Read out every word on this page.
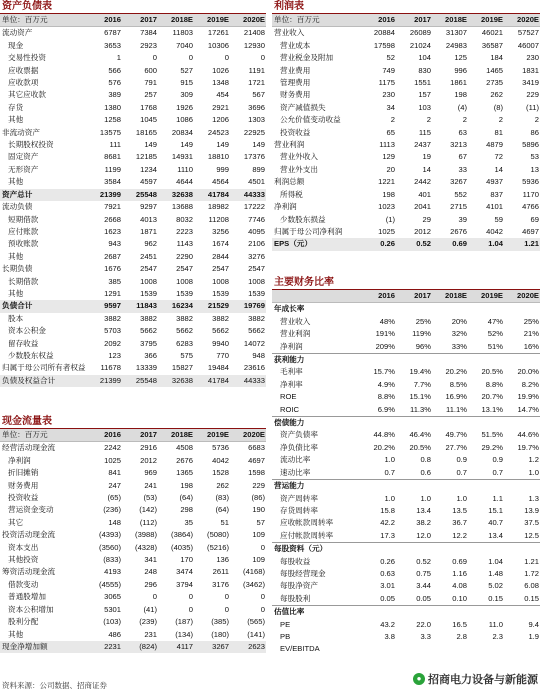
资产负债表
单位：百万元	2016	2017	2018E	2019E	2020E
流动资产	6787	7384	11803	17261	21408
现金	3653	2923	7040	10306	12930
交易性投资	1	0	0	0	0
应收票据	566	600	527	1026	1191
应收款项	576	791	915	1348	1721
其它应收款	389	257	309	454	567
存货	1380	1768	1926	2921	3696
其他	1258	1045	1086	1206	1303
非流动资产	13575	18165	20834	24523	22925
长期股权投资	111	149	149	149	149
固定资产	8681	12185	14931	18810	17376
无形资产	1199	1234	1110	999	899
其他	3584	4597	4644	4564	4501
资产总计	21399	25548	32638	41784	44333
流动负债	7921	9297	13688	18982	17222
短期借款	2668	4013	8032	11208	7746
应付账款	1623	1871	2223	3256	4095
预收账款	943	962	1143	1674	2106
其他	2687	2451	2290	2844	3276
长期负债	1676	2547	2547	2547	2547
长期借款	385	1008	1008	1008	1008
其他	1291	1539	1539	1539	1539
负债合计	9597	11843	16234	21529	19769
股本	3882	3882	3882	3882	3882
资本公积金	5703	5662	5662	5662	5662
留存收益	2092	3795	6283	9940	14072
少数股东权益	123	366	575	770	948
归属于母公司所有者权益	11678	13339	15827	19484	23616
负债及权益合计	21399	25548	32638	41784	44333
现金流量表
单位：百万元	2016	2017	2018E	2019E	2020E
经营活动现金流	2242	2916	4508	5736	6683
净利润	1025	2012	2676	4042	4697
折旧摊销	841	969	1365	1528	1598
财务费用	247	241	198	262	229
投资收益	(65)	(53)	(64)	(83)	(86)
营运资金变动	(236)	(142)	298	(64)	190
其它	148	(112)	35	51	57
投资活动现金流	(4393)	(3988)	(3864)	(5080)	109
资本支出	(3560)	(4328)	(4035)	(5216)	0
其他投资	(833)	341	170	136	109
筹资活动现金流	4193	248	3474	2611	(4168)
借款变动	(4555)	296	3794	3176	(3462)
普通股增加	3065	0	0	0	0
资本公积增加	5301	(41)	0	0	0
股利分配	(103)	(239)	(187)	(385)	(565)
其他	486	231	(134)	(180)	(141)
现金净增加额	2231	(824)	4117	3267	2623
利润表
单位：百万元	2016	2017	2018E	2019E	2020E
营业收入	20884	26089	31307	46021	57527
营业成本	17598	21024	24983	36587	46007
营业税金及附加	52	104	125	184	230
营业费用	749	830	996	1465	1831
管理费用	1175	1551	1861	2735	3419
财务费用	230	157	198	262	229
资产减值损失	34	103	(4)	(8)	(11)
公允价值变动收益	2	2	2	2	2
投资收益	65	115	63	81	86
营业利润	1113	2437	3213	4879	5896
营业外收入	129	19	67	72	53
营业外支出	20	14	33	14	13
利润总额	1221	2442	3267	4937	5936
所得税	198	401	552	837	1170
净利润	1023	2041	2715	4101	4766
少数股东损益	(1)	29	39	59	69
归属于母公司净利润	1025	2012	2676	4042	4697
EPS（元）	0.26	0.52	0.69	1.04	1.21
主要财务比率
	2016	2017	2018E	2019E	2020E
年成长率					
营业收入	48%	25%	20%	47%	25%
营业利润	191%	119%	32%	52%	21%
净利润	209%	96%	33%	51%	16%
获利能力					
毛利率	15.7%	19.4%	20.2%	20.5%	20.0%
净利率	4.9%	7.7%	8.5%	8.8%	8.2%
ROE	8.8%	15.1%	16.9%	20.7%	19.9%
ROIC	6.9%	11.3%	11.1%	13.1%	14.7%
偿债能力					
资产负债率	44.8%	46.4%	49.7%	51.5%	44.6%
净负债比率	20.2%	20.5%	27.7%	29.2%	19.7%
流动比率	1.0	0.8	0.9	0.9	1.2
速动比率	0.7	0.6	0.7	0.7	1.0
营运能力					
资产周转率	1.0	1.0	1.0	1.1	1.3
存货周转率	15.8	13.4	13.5	15.1	13.9
应收帐款周转率	42.2	38.2	36.7	40.7	37.5
应付帐款周转率	17.3	12.0	12.2	13.4	12.5
每股资料（元）					
每股收益	0.26	0.52	0.69	1.04	1.21
每股经营现金	0.63	0.75	1.16	1.48	1.72
每股净资产	3.01	3.44	4.08	5.02	6.08
每股股利	0.05	0.05	0.10	0.15	0.15
估值比率					
PE	43.2	22.0	16.5	11.0	9.4
PB	3.8	3.3	2.8	2.3	1.9
EV/EBITDA					
资料来源：公司数据、招商证券
● 招商电力设备与新能源
